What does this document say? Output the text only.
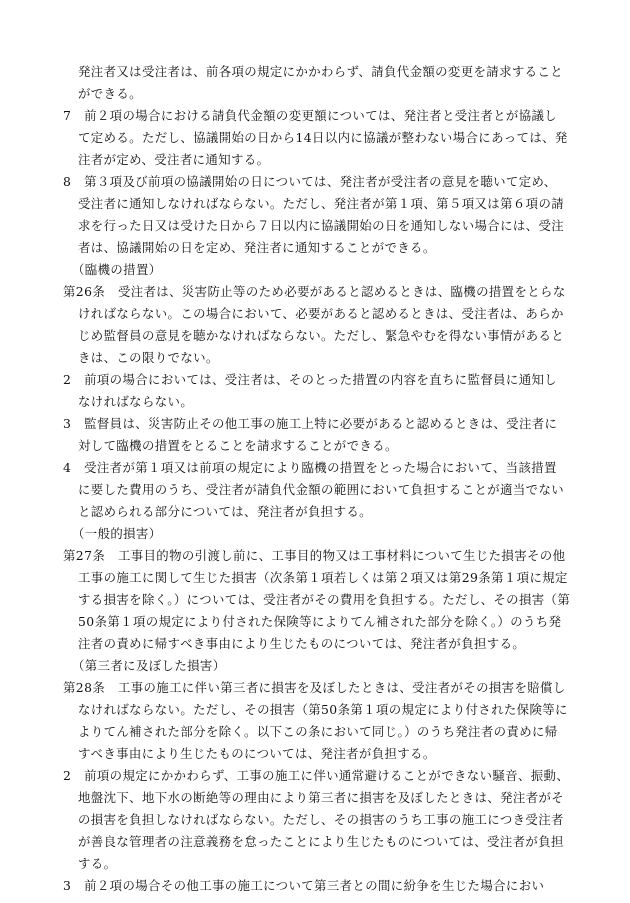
発注者又は受注者は、前各項の規定にかかわらず、請負代金額の変更を請求すること
ができる。
7　前２項の場合における請負代金額の変更額については、発注者と受注者とが協議し
て定める。ただし、協議開始の日から14日以内に協議が整わない場合にあっては、発
注者が定め、受注者に通知する。
8　第３項及び前項の協議開始の日については、発注者が受注者の意見を聴いて定め、
受注者に通知しなければならない。ただし、発注者が第１項、第５項又は第６項の請
求を行った日又は受けた日から７日以内に協議開始の日を通知しない場合には、受注
者は、協議開始の日を定め、発注者に通知することができる。
（臨機の措置）
第26条　受注者は、災害防止等のため必要があると認めるときは、臨機の措置をとらな
ければならない。この場合において、必要があると認めるときは、受注者は、あらか
じめ監督員の意見を聴かなければならない。ただし、緊急やむを得ない事情があると
きは、この限りでない。
2　前項の場合においては、受注者は、そのとった措置の内容を直ちに監督員に通知し
なければならない。
3　監督員は、災害防止その他工事の施工上特に必要があると認めるときは、受注者に
対して臨機の措置をとることを請求することができる。
4　受注者が第１項又は前項の規定により臨機の措置をとった場合において、当該措置
に要した費用のうち、受注者が請負代金額の範囲において負担することが適当でない
と認められる部分については、発注者が負担する。
（一般的損害）
第27条　工事目的物の引渡し前に、工事目的物又は工事材料について生じた損害その他
工事の施工に関して生じた損害（次条第１項若しくは第２項又は第29条第１項に規定
する損害を除く。）については、受注者がその費用を負担する。ただし、その損害（第
50条第１項の規定により付された保険等によりてん補された部分を除く。）のうち発
注者の責めに帰すべき事由により生じたものについては、発注者が負担する。
（第三者に及ぼした損害）
第28条　工事の施工に伴い第三者に損害を及ぼしたときは、受注者がその損害を賠償し
なければならない。ただし、その損害（第50条第１項の規定により付された保険等に
よりてん補された部分を除く。以下この条において同じ。）のうち発注者の責めに帰
すべき事由により生じたものについては、発注者が負担する。
2　前項の規定にかかわらず、工事の施工に伴い通常避けることができない騒音、振動、
地盤沈下、地下水の断絶等の理由により第三者に損害を及ぼしたときは、発注者がそ
の損害を負担しなければならない。ただし、その損害のうち工事の施工につき受注者
が善良な管理者の注意義務を怠ったことにより生じたものについては、受注者が負担
する。
3　前２項の場合その他工事の施工について第三者との間に紛争を生じた場合におい
